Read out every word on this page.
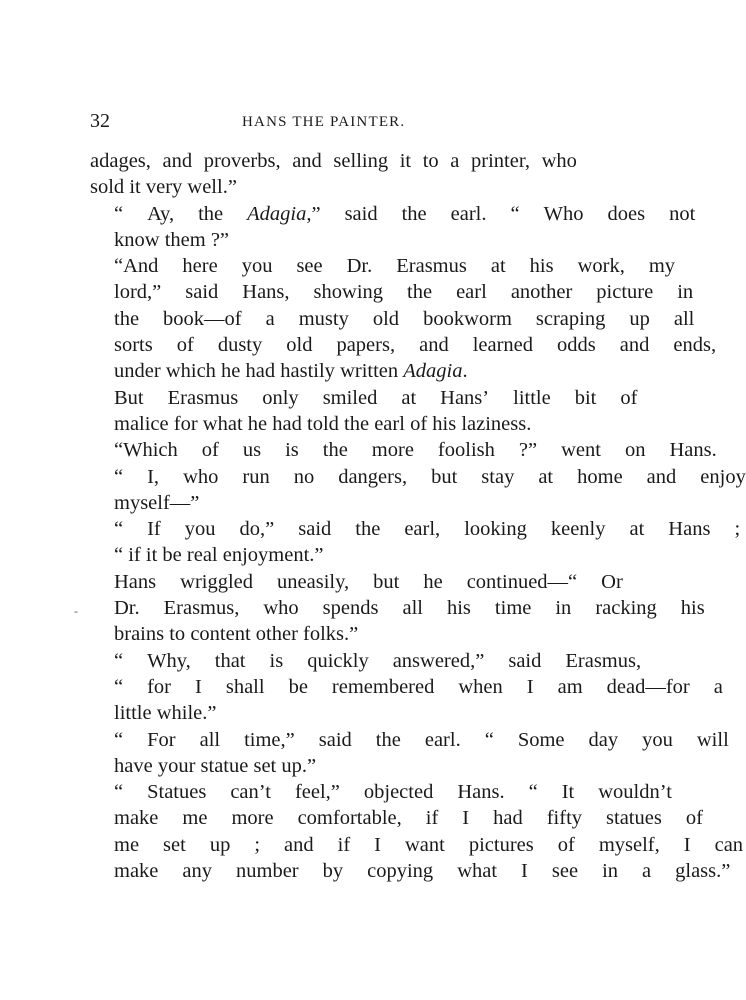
32	HANS THE PAINTER.

adages, and proverbs, and selling it to a printer, who
sold it very well.”

“	Ay,	the	Adagia,”	said	the	earl.	“	Who	does	not
know them ?”

“And	here	you	see	Dr.	Erasmus	at	his	work,	my
lord,”	said	Hans,	showing	the	earl	another	picture	in
the	book—of	a	musty	old	bookworm	scraping	up	all
sorts	of	dusty	old	papers,	and	learned	odds	and	ends,
under which he had hastily written Adagia.

But	Erasmus	only	smiled	at	Hans’	little	bit	of
malice for what he had told the earl of his laziness.

“Which	of	us	is	the	more	foolish	?”	went	on	Hans.
“	I,	who	run	no	dangers,	but	stay	at	home	and	enjoy
myself—”

“	If	you	do,”	said	the	earl,	looking	keenly	at	Hans	;
“ if it be real enjoyment.”

Hans	wriggled	uneasily,	but	he	continued—“	Or
Dr.	Erasmus,	who	spends	all	his	time	in	racking	his
brains to content other folks.”

“	Why,	that	is	quickly	answered,”	said	Erasmus,
“	for	I	shall	be	remembered	when	I	am	dead—for	a
little while.”

“	For	all	time,”	said	the	earl.	“	Some	day	you	will
have your statue set up.”

“	Statues	can’t	feel,”	objected	Hans.	“	It	wouldn’t
make	me	more	comfortable,	if	I	had	fifty	statues	of
me	set	up	;	and	if	I	want	pictures	of	myself,	I	can
make	any	number	by	copying	what	I	see	in	a	glass.”

-
